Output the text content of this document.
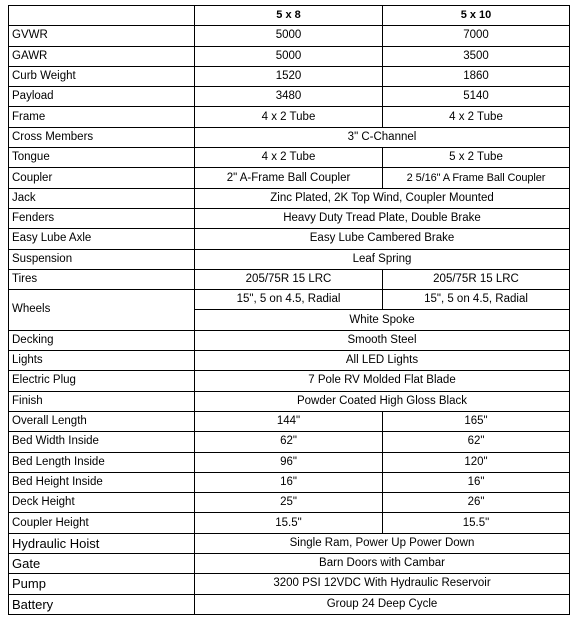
	5 x 8	5 x 10
GVWR	5000	7000
GAWR	5000	3500
Curb Weight	1520	1860
Payload	3480	5140
Frame	4 x 2 Tube	4 x 2 Tube
Cross Members	3" C-Channel	
Tongue	4 x 2 Tube	5 x 2 Tube
Coupler	2" A-Frame Ball Coupler	2 5/16" A Frame Ball Coupler
Jack	Zinc Plated, 2K Top Wind, Coupler Mounted	
Fenders	Heavy Duty Tread Plate, Double Brake	
Easy Lube Axle	Easy Lube Cambered Brake	
Suspension	Leaf Spring	
Tires	205/75R 15 LRC	205/75R 15 LRC
Wheels	15", 5 on 4.5, Radial	15", 5 on 4.5, Radial
	White Spoke	
Decking	Smooth Steel	
Lights	All LED Lights	
Electric Plug	7 Pole RV Molded Flat Blade	
Finish	Powder Coated High Gloss Black	
Overall Length	144"	165"
Bed Width Inside	62"	62"
Bed Length Inside	96"	120"
Bed Height Inside	16"	16"
Deck Height	25"	26"
Coupler Height	15.5"	15.5"
Hydraulic Hoist	Single Ram, Power Up Power Down	
Gate	Barn Doors with Cambar	
Pump	3200 PSI 12VDC With Hydraulic Reservoir	
Battery	Group 24 Deep Cycle	
